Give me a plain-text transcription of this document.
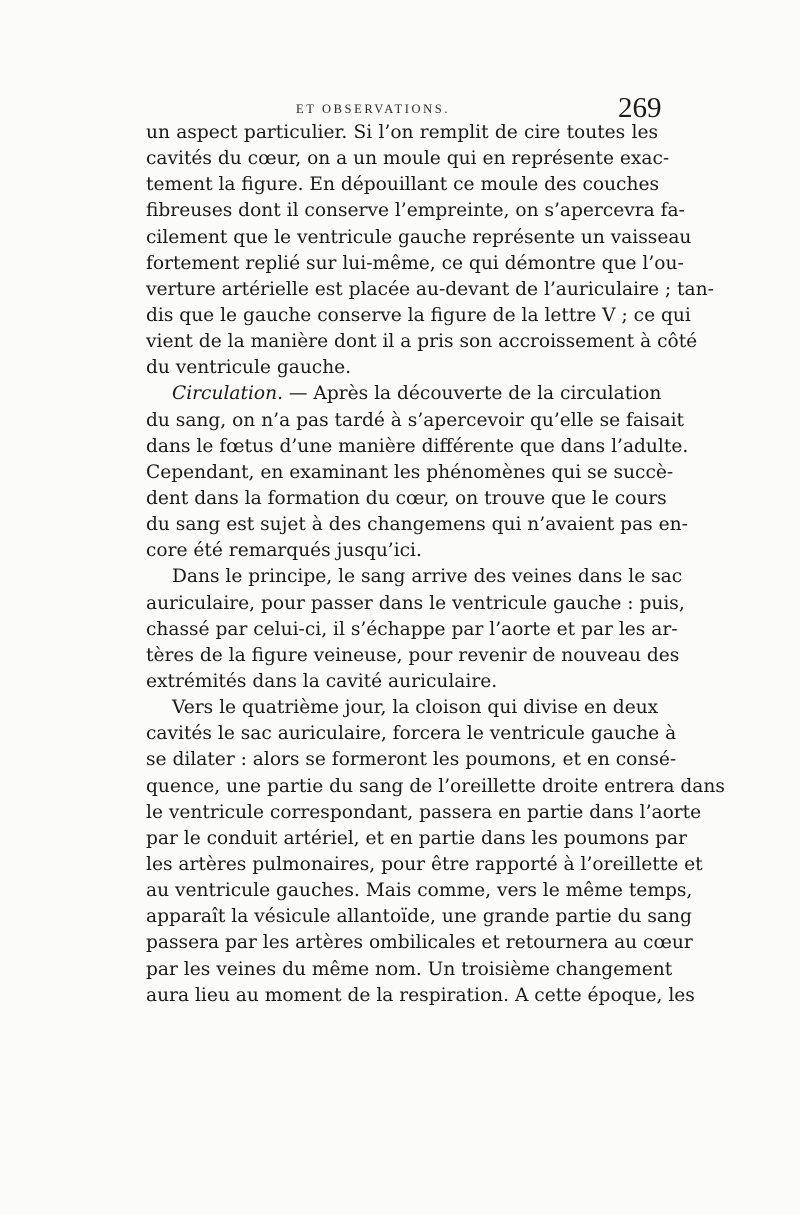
ET OBSERVATIONS.	269
un aspect particulier. Si l’on remplit de cire toutes les
cavités du cœur, on a un moule qui en représente exac-
tement la figure. En dépouillant ce moule des couches
fibreuses dont il conserve l’empreinte, on s’apercevra fa-
cilement que le ventricule gauche représente un vaisseau
fortement replié sur lui-même, ce qui démontre que l’ou-
verture artérielle est placée au-devant de l’auriculaire ; tan-
dis que le gauche conserve la figure de la lettre V ; ce qui
vient de la manière dont il a pris son accroissement à côté
du ventricule gauche.
Circulation. — Après la découverte de la circulation
du sang, on n’a pas tardé à s’apercevoir qu’elle se faisait
dans le fœtus d’une manière différente que dans l’adulte.
Cependant, en examinant les phénomènes qui se succè-
dent dans la formation du cœur, on trouve que le cours
du sang est sujet à des changemens qui n’avaient pas en-
core été remarqués jusqu’ici.
Dans le principe, le sang arrive des veines dans le sac
auriculaire, pour passer dans le ventricule gauche : puis,
chassé par celui-ci, il s’échappe par l’aorte et par les ar-
tères de la figure veineuse, pour revenir de nouveau des
extrémités dans la cavité auriculaire.
Vers le quatrième jour, la cloison qui divise en deux
cavités le sac auriculaire, forcera le ventricule gauche à
se dilater : alors se formeront les poumons, et en consé-
quence, une partie du sang de l’oreillette droite entrera dans
le ventricule correspondant, passera en partie dans l’aorte
par le conduit artériel, et en partie dans les poumons par
les artères pulmonaires, pour être rapporté à l’oreillette et
au ventricule gauches. Mais comme, vers le même temps,
apparaît la vésicule allantoïde, une grande partie du sang
passera par les artères ombilicales et retournera au cœur
par les veines du même nom. Un troisième changement
aura lieu au moment de la respiration. A cette époque, les
